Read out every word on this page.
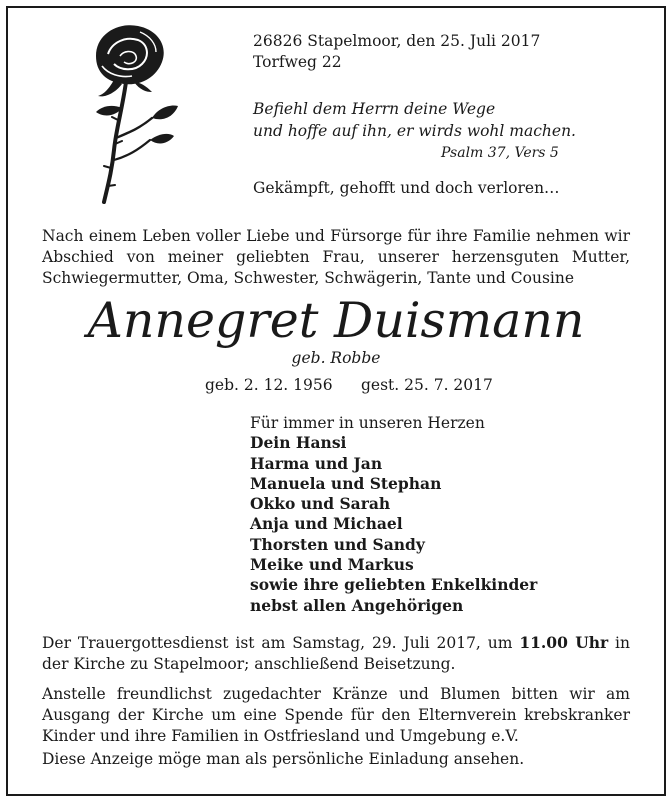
26826 Stapelmoor, den 25. Juli 2017
Torfweg 22
Befiehl dem Herrn deine Wege
und hoffe auf ihn, er wirds wohl machen.
Psalm 37, Vers 5
Gekämpft, gehofft und doch verloren…
Nach einem Leben voller Liebe und Fürsorge für ihre Familie nehmen wir Abschied von meiner geliebten Frau, unserer herzensguten Mutter, Schwiegermutter, Oma, Schwester, Schwägerin, Tante und Cousine
Annegret Duismann
geb. Robbe
geb. 2. 12. 1956 gest. 25. 7. 2017
Für immer in unseren Herzen
Dein Hansi
Harma und Jan
Manuela und Stephan
Okko und Sarah
Anja und Michael
Thorsten und Sandy
Meike und Markus
sowie ihre geliebten Enkelkinder
nebst allen Angehörigen
Der Trauergottesdienst ist am Samstag, 29. Juli 2017, um 11.00 Uhr in der Kirche zu Stapelmoor; anschließend Beisetzung.
Anstelle freundlichst zugedachter Kränze und Blumen bitten wir am Ausgang der Kirche um eine Spende für den Elternverein krebskranker Kinder und ihre Familien in Ostfriesland und Umgebung e.V.
Diese Anzeige möge man als persönliche Einladung ansehen.
